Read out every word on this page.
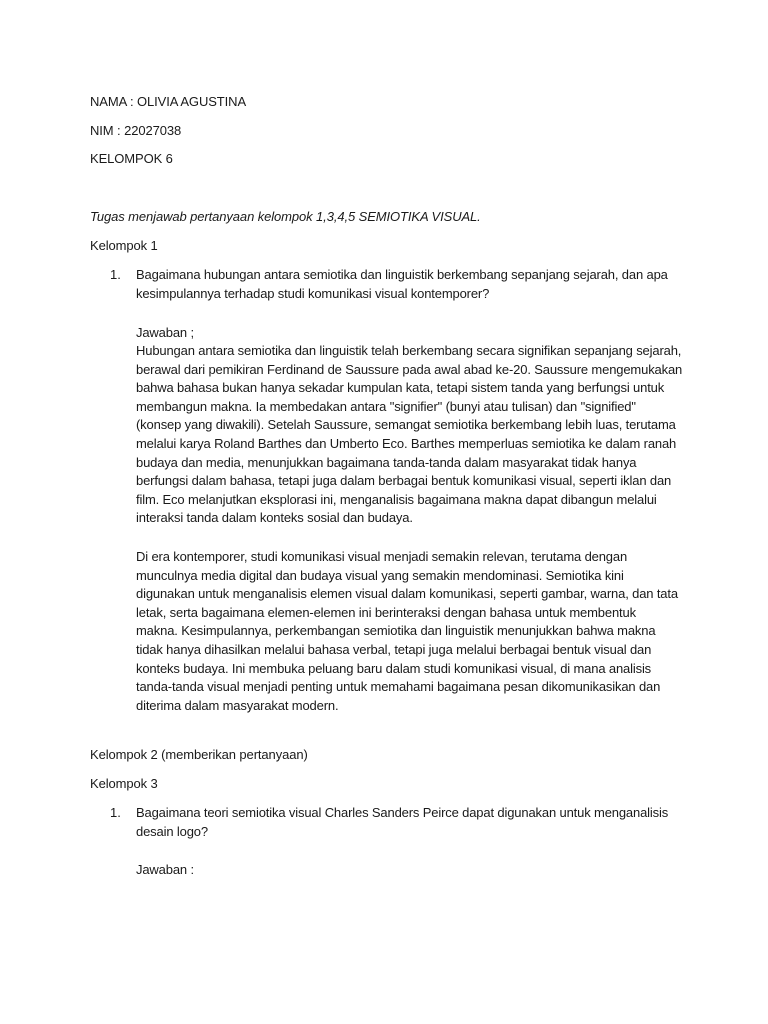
NAMA : OLIVIA AGUSTINA
NIM : 22027038
KELOMPOK 6
Tugas menjawab pertanyaan kelompok 1,3,4,5 SEMIOTIKA VISUAL.
Kelompok 1
1. Bagaimana hubungan antara semiotika dan linguistik berkembang sepanjang sejarah, dan apa
kesimpulannya terhadap studi komunikasi visual kontemporer?
Jawaban ;
Hubungan antara semiotika dan linguistik telah berkembang secara signifikan sepanjang sejarah,
berawal dari pemikiran Ferdinand de Saussure pada awal abad ke-20. Saussure mengemukakan
bahwa bahasa bukan hanya sekadar kumpulan kata, tetapi sistem tanda yang berfungsi untuk
membangun makna. Ia membedakan antara "signifier" (bunyi atau tulisan) dan "signified"
(konsep yang diwakili). Setelah Saussure, semangat semiotika berkembang lebih luas, terutama
melalui karya Roland Barthes dan Umberto Eco. Barthes memperluas semiotika ke dalam ranah
budaya dan media, menunjukkan bagaimana tanda-tanda dalam masyarakat tidak hanya
berfungsi dalam bahasa, tetapi juga dalam berbagai bentuk komunikasi visual, seperti iklan dan
film. Eco melanjutkan eksplorasi ini, menganalisis bagaimana makna dapat dibangun melalui
interaksi tanda dalam konteks sosial dan budaya.
Di era kontemporer, studi komunikasi visual menjadi semakin relevan, terutama dengan
munculnya media digital dan budaya visual yang semakin mendominasi. Semiotika kini
digunakan untuk menganalisis elemen visual dalam komunikasi, seperti gambar, warna, dan tata
letak, serta bagaimana elemen-elemen ini berinteraksi dengan bahasa untuk membentuk
makna. Kesimpulannya, perkembangan semiotika dan linguistik menunjukkan bahwa makna
tidak hanya dihasilkan melalui bahasa verbal, tetapi juga melalui berbagai bentuk visual dan
konteks budaya. Ini membuka peluang baru dalam studi komunikasi visual, di mana analisis
tanda-tanda visual menjadi penting untuk memahami bagaimana pesan dikomunikasikan dan
diterima dalam masyarakat modern.
Kelompok 2 (memberikan pertanyaan)
Kelompok 3
1. Bagaimana teori semiotika visual Charles Sanders Peirce dapat digunakan untuk menganalisis
desain logo?
Jawaban :
